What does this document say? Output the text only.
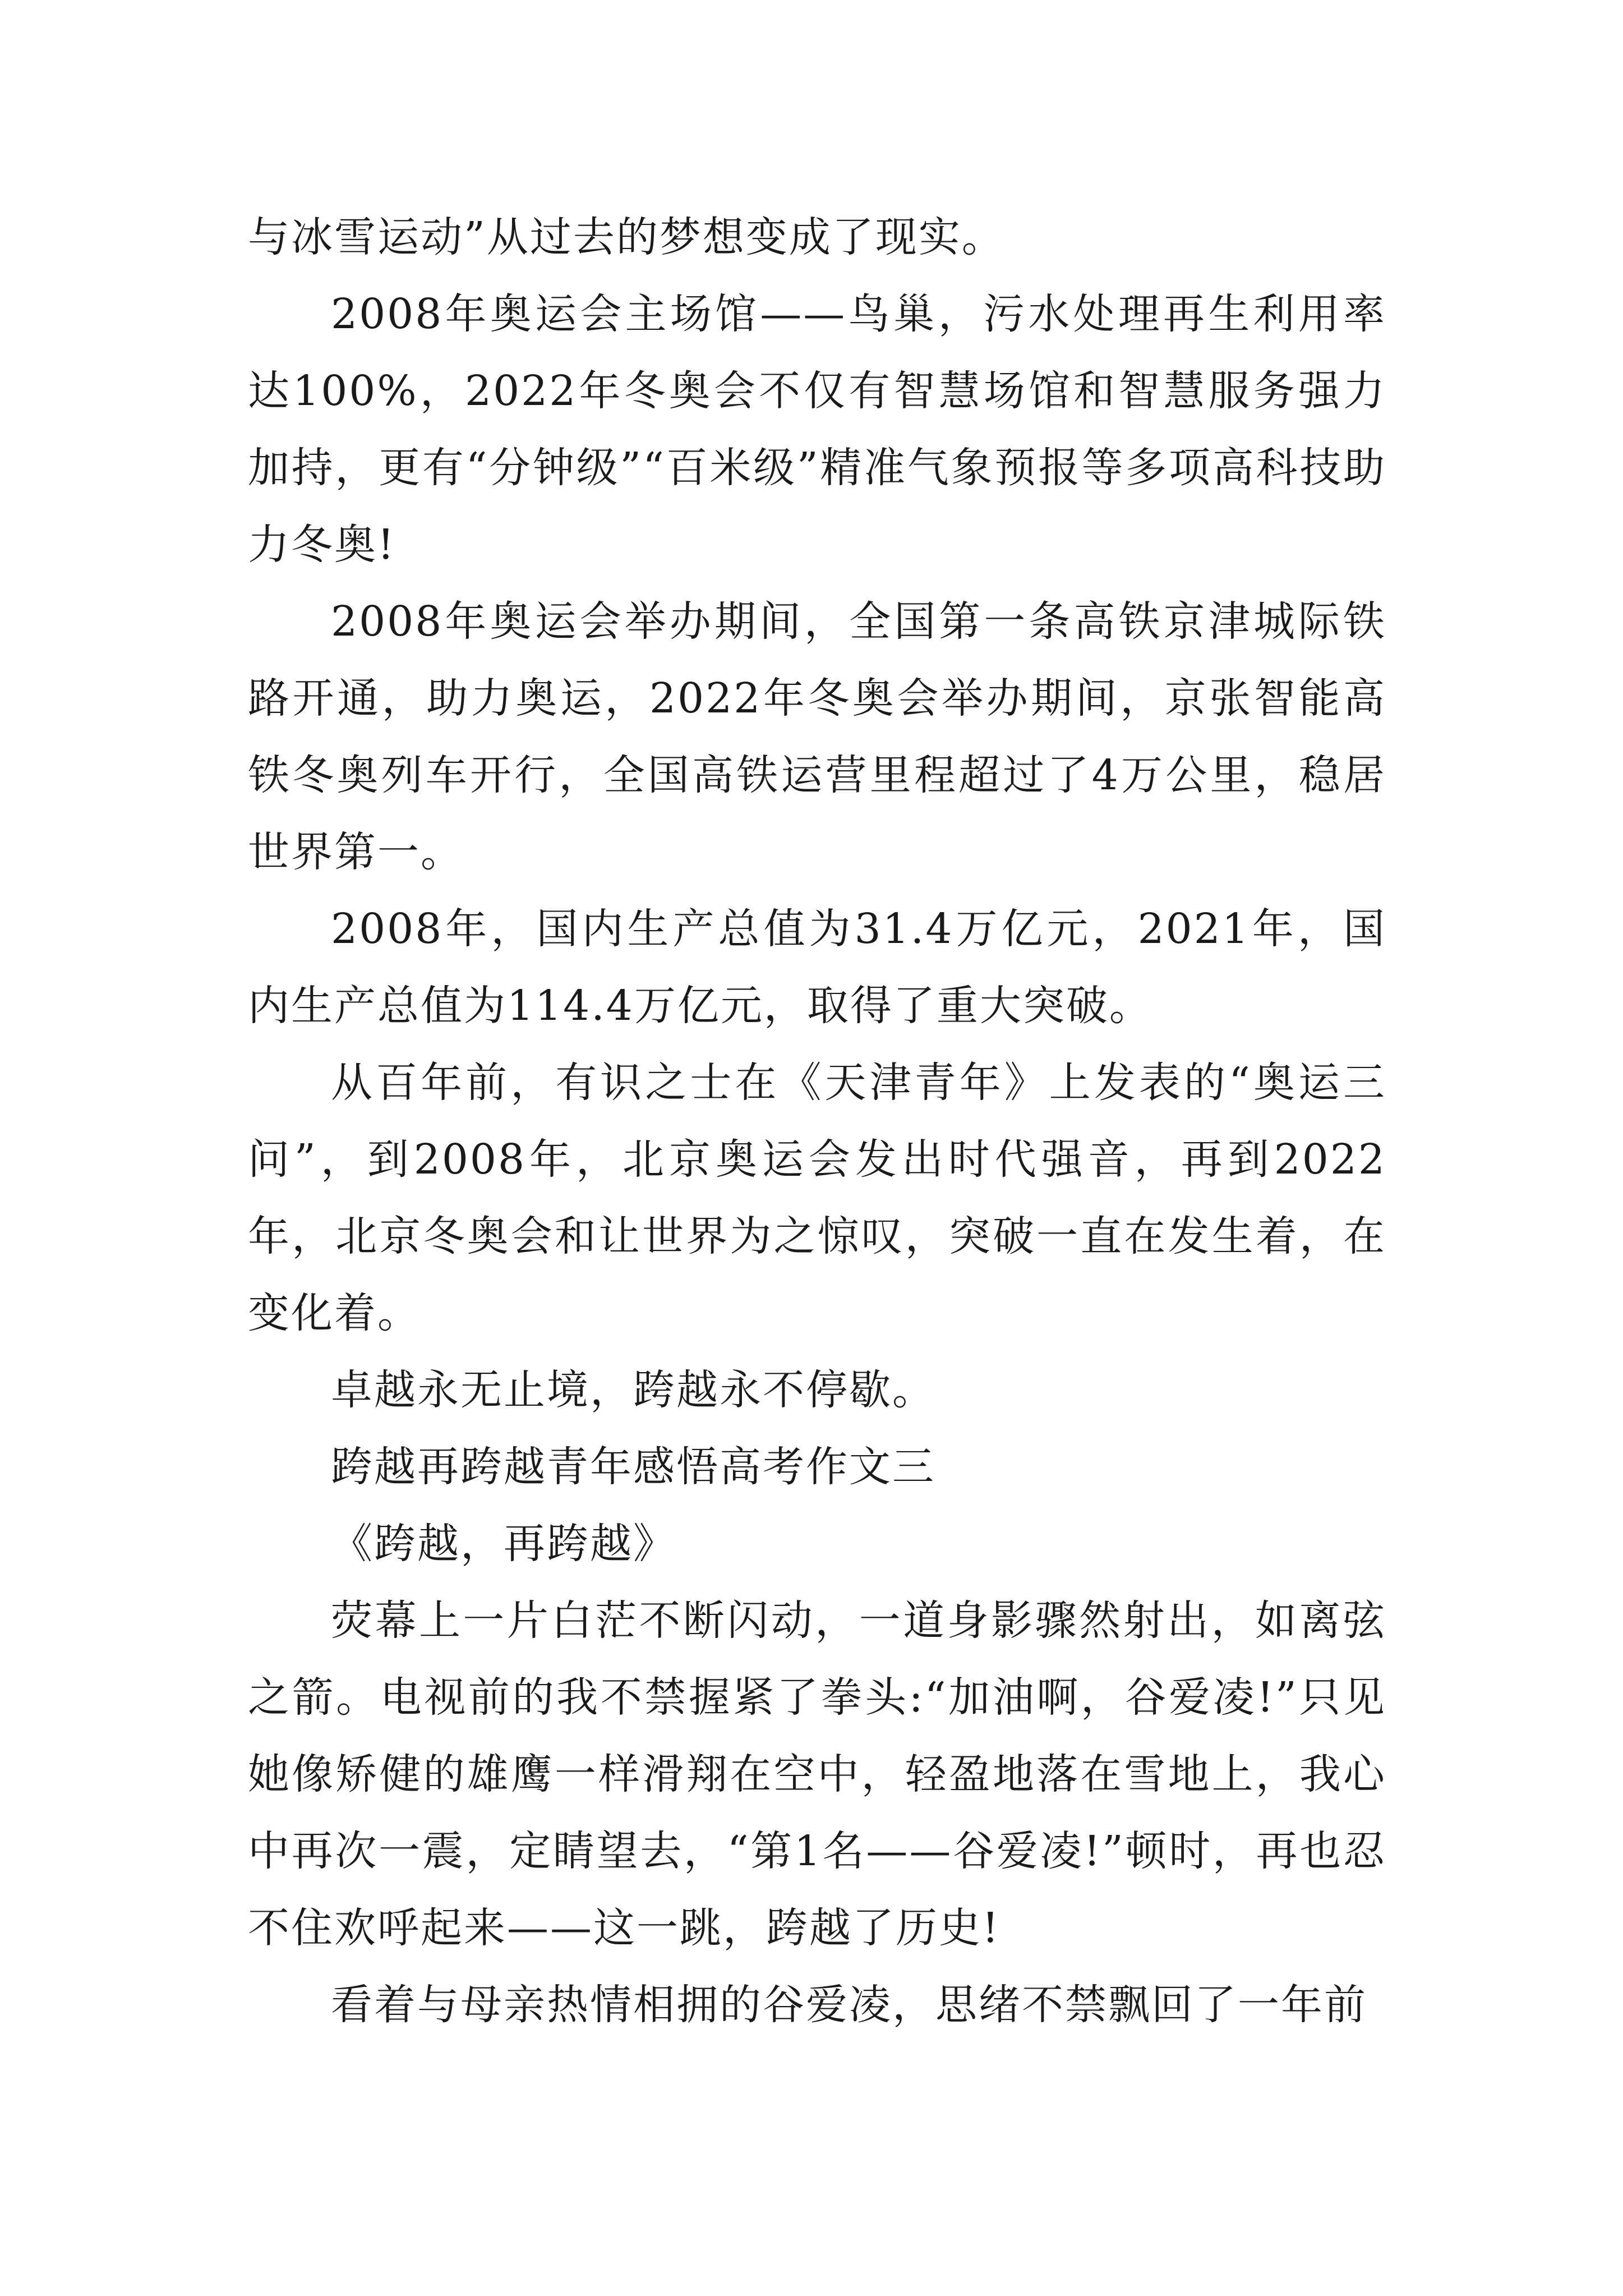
与冰雪运动”从过去的梦想变成了现实。

2008年奥运会主场馆——鸟巢，污水处理再生利用率达100%，2022年冬奥会不仅有智慧场馆和智慧服务强力加持，更有“分钟级”“百米级”精准气象预报等多项高科技助力冬奥!

2008年奥运会举办期间，全国第一条高铁京津城际铁路开通，助力奥运，2022年冬奥会举办期间，京张智能高铁冬奥列车开行，全国高铁运营里程超过了4万公里，稳居世界第一。

2008年，国内生产总值为31.4万亿元，2021年，国内生产总值为114.4万亿元，取得了重大突破。

从百年前，有识之士在《天津青年》上发表的“奥运三问”，到2008年，北京奥运会发出时代强音，再到2022年，北京冬奥会和让世界为之惊叹，突破一直在发生着，在变化着。

卓越永无止境，跨越永不停歇。

跨越再跨越青年感悟高考作文三

《跨越，再跨越》

荧幕上一片白茫不断闪动，一道身影骤然射出，如离弦之箭。电视前的我不禁握紧了拳头:“加油啊，谷爱凌!”只见她像矫健的雄鹰一样滑翔在空中，轻盈地落在雪地上，我心中再次一震，定睛望去，“第1名——谷爱凌!”顿时，再也忍不住欢呼起来——这一跳，跨越了历史!

看着与母亲热情相拥的谷爱凌，思绪不禁飘回了一年前
